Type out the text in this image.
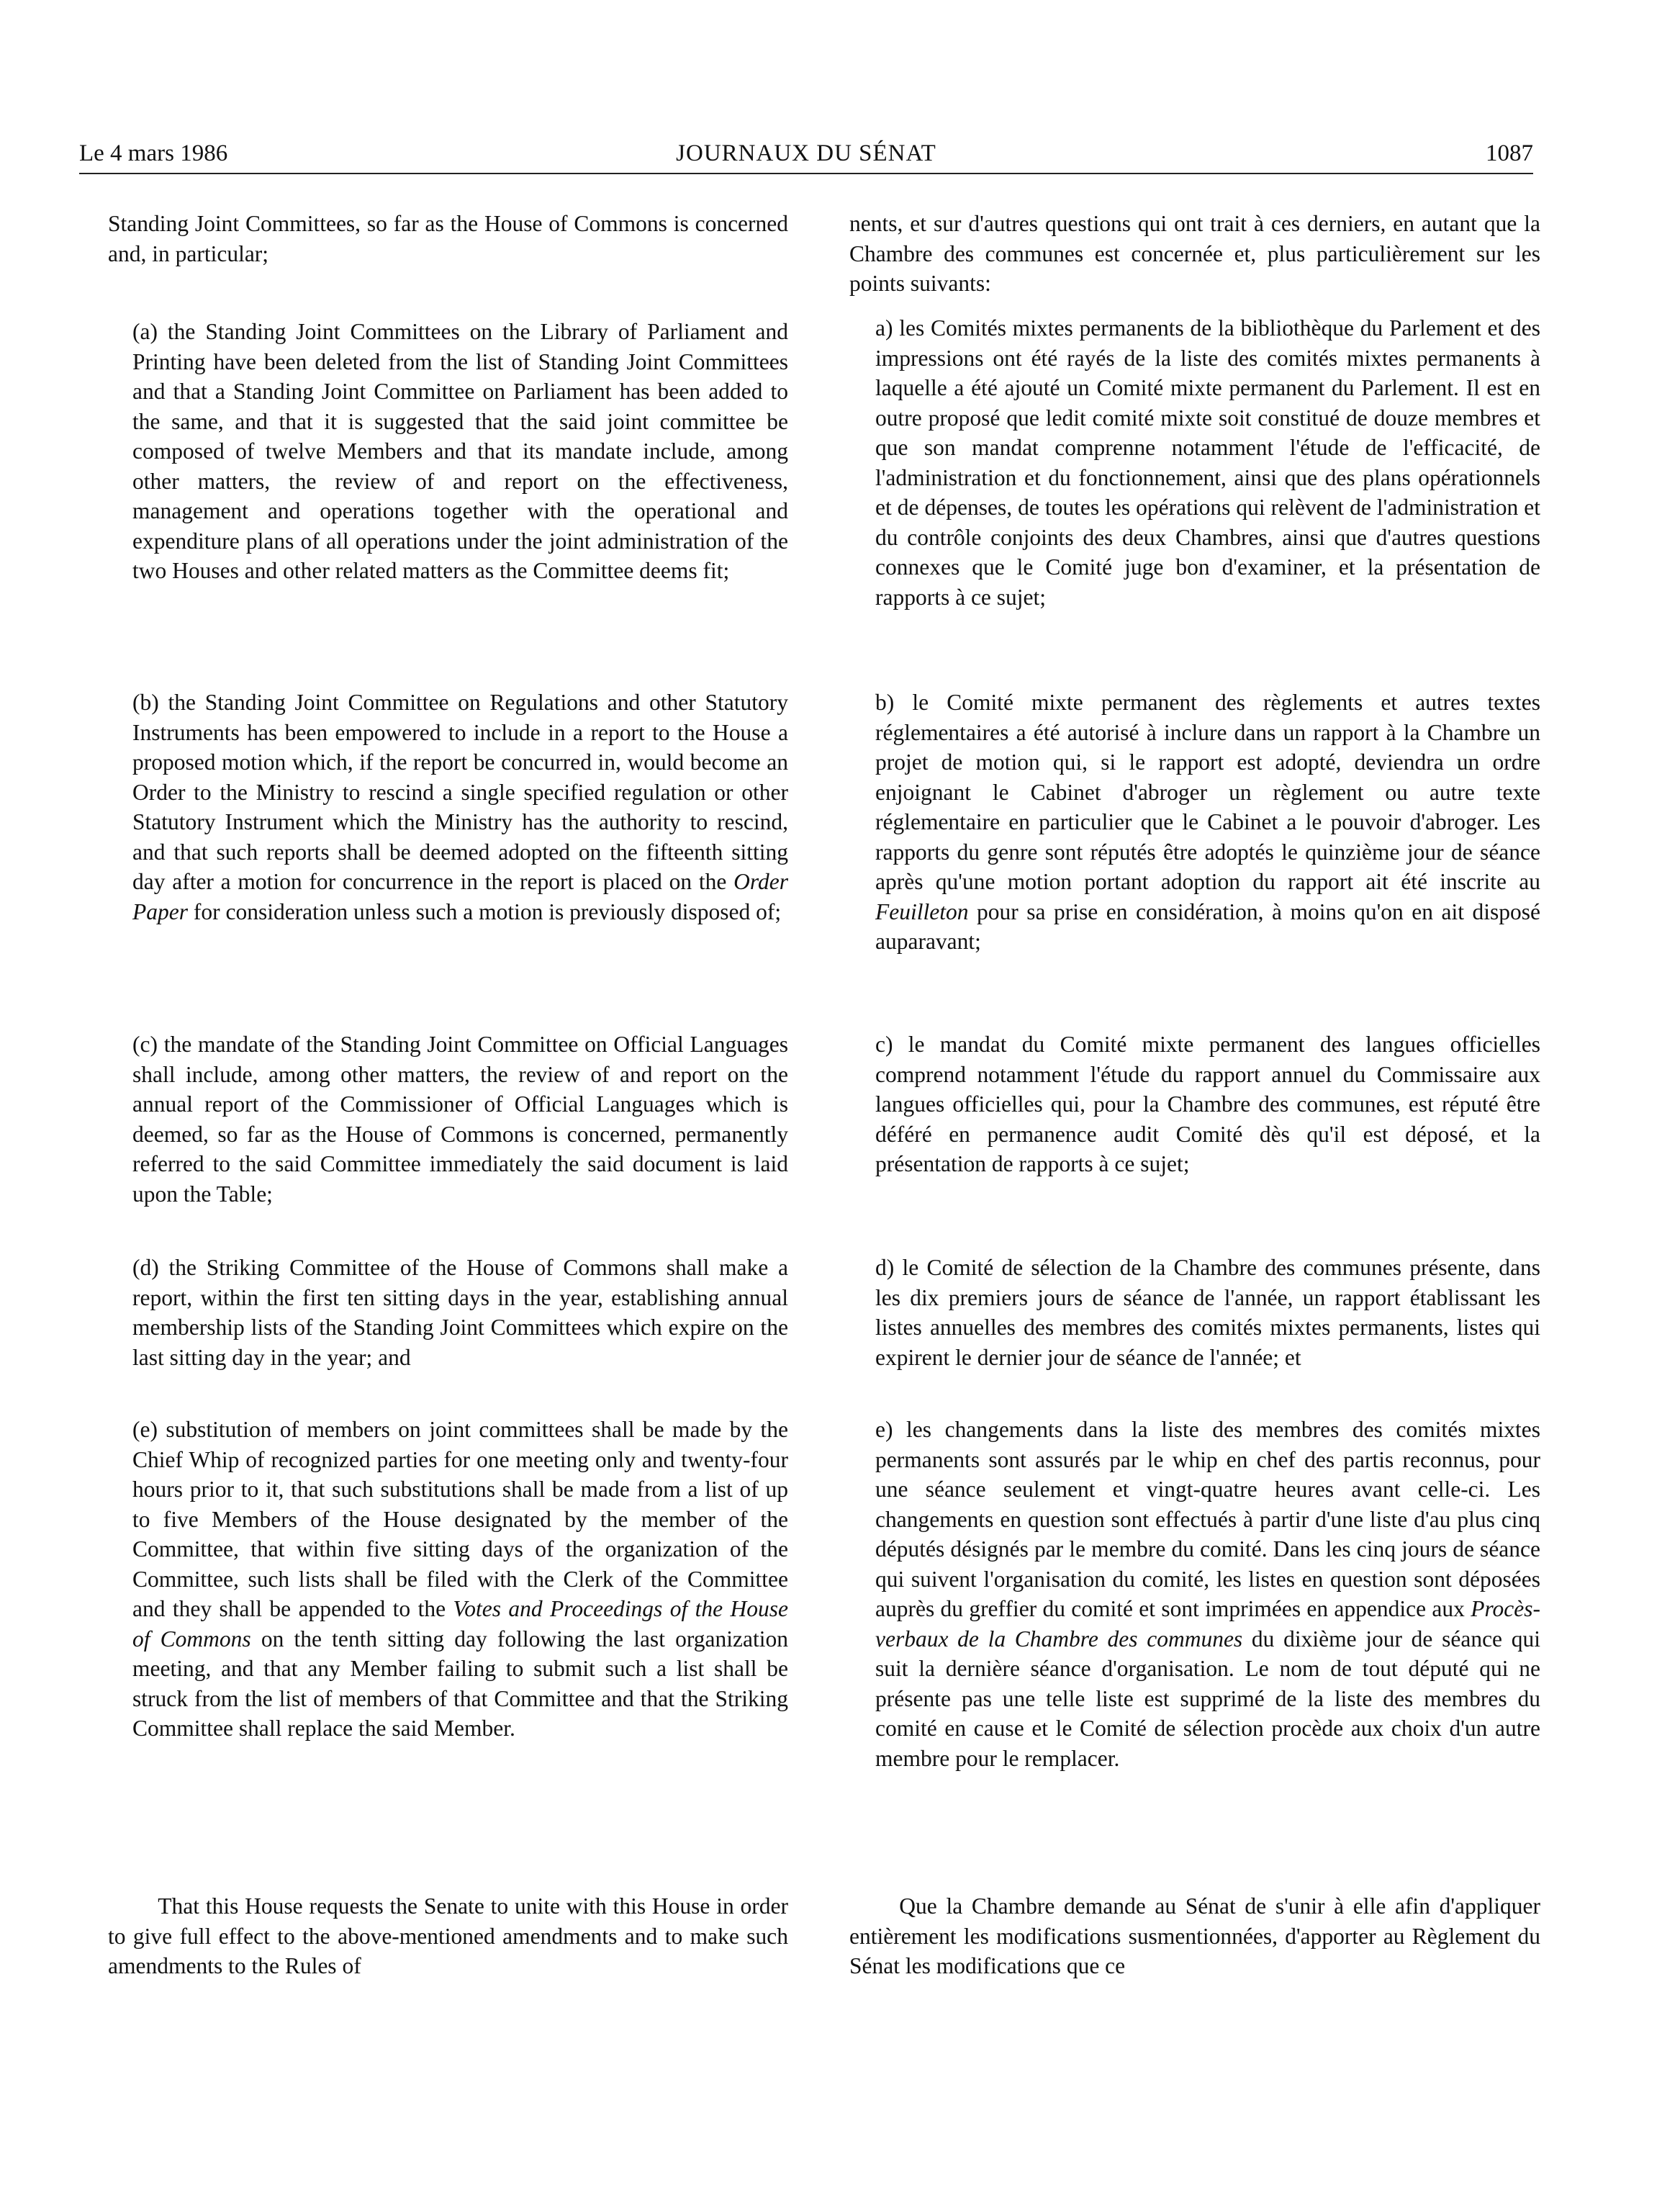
Le 4 mars 1986	JOURNAUX DU SÉNAT	1087

Standing Joint Committees, so far as the House of Commons is concerned and, in particular;

(a) the Standing Joint Committees on the Library of Parliament and Printing have been deleted from the list of Standing Joint Committees and that a Standing Joint Committee on Parliament has been added to the same, and that it is suggested that the said joint committee be composed of twelve Members and that its mandate include, among other matters, the review of and report on the effectiveness, management and operations together with the operational and expenditure plans of all operations under the joint administration of the two Houses and other related matters as the Committee deems fit;

(b) the Standing Joint Committee on Regulations and other Statutory Instruments has been empowered to include in a report to the House a proposed motion which, if the report be concurred in, would become an Order to the Ministry to rescind a single specified regulation or other Statutory Instrument which the Ministry has the authority to rescind, and that such reports shall be deemed adopted on the fifteenth sitting day after a motion for concurrence in the report is placed on the Order Paper for consideration unless such a motion is previously disposed of;

(c) the mandate of the Standing Joint Committee on Official Languages shall include, among other matters, the review of and report on the annual report of the Commissioner of Official Languages which is deemed, so far as the House of Commons is concerned, permanently referred to the said Committee immediately the said document is laid upon the Table;

(d) the Striking Committee of the House of Commons shall make a report, within the first ten sitting days in the year, establishing annual membership lists of the Standing Joint Committees which expire on the last sitting day in the year; and

(e) substitution of members on joint committees shall be made by the Chief Whip of recognized parties for one meeting only and twenty-four hours prior to it, that such substitutions shall be made from a list of up to five Members of the House designated by the member of the Committee, that within five sitting days of the organization of the Committee, such lists shall be filed with the Clerk of the Committee and they shall be appended to the Votes and Proceedings of the House of Commons on the tenth sitting day following the last organization meeting, and that any Member failing to submit such a list shall be struck from the list of members of that Committee and that the Striking Committee shall replace the said Member.

That this House requests the Senate to unite with this House in order to give full effect to the above-mentioned amendments and to make such amendments to the Rules of

nents, et sur d'autres questions qui ont trait à ces derniers, en autant que la Chambre des communes est concernée et, plus particulièrement sur les points suivants:

a) les Comités mixtes permanents de la bibliothèque du Parlement et des impressions ont été rayés de la liste des comités mixtes permanents à laquelle a été ajouté un Comité mixte permanent du Parlement. Il est en outre proposé que ledit comité mixte soit constitué de douze membres et que son mandat comprenne notamment l'étude de l'efficacité, de l'administration et du fonctionnement, ainsi que des plans opérationnels et de dépenses, de toutes les opérations qui relèvent de l'administration et du contrôle conjoints des deux Chambres, ainsi que d'autres questions connexes que le Comité juge bon d'examiner, et la présentation de rapports à ce sujet;

b) le Comité mixte permanent des règlements et autres textes réglementaires a été autorisé à inclure dans un rapport à la Chambre un projet de motion qui, si le rapport est adopté, deviendra un ordre enjoignant le Cabinet d'abroger un règlement ou autre texte réglementaire en particulier que le Cabinet a le pouvoir d'abroger. Les rapports du genre sont réputés être adoptés le quinzième jour de séance après qu'une motion portant adoption du rapport ait été inscrite au Feuilleton pour sa prise en considération, à moins qu'on en ait disposé auparavant;

c) le mandat du Comité mixte permanent des langues officielles comprend notamment l'étude du rapport annuel du Commissaire aux langues officielles qui, pour la Chambre des communes, est réputé être déféré en permanence audit Comité dès qu'il est déposé, et la présentation de rapports à ce sujet;

d) le Comité de sélection de la Chambre des communes présente, dans les dix premiers jours de séance de l'année, un rapport établissant les listes annuelles des membres des comités mixtes permanents, listes qui expirent le dernier jour de séance de l'année; et

e) les changements dans la liste des membres des comités mixtes permanents sont assurés par le whip en chef des partis reconnus, pour une séance seulement et vingt-quatre heures avant celle-ci. Les changements en question sont effectués à partir d'une liste d'au plus cinq députés désignés par le membre du comité. Dans les cinq jours de séance qui suivent l'organisation du comité, les listes en question sont déposées auprès du greffier du comité et sont imprimées en appendice aux Procès-verbaux de la Chambre des communes du dixième jour de séance qui suit la dernière séance d'organisation. Le nom de tout député qui ne présente pas une telle liste est supprimé de la liste des membres du comité en cause et le Comité de sélection procède aux choix d'un autre membre pour le remplacer.

Que la Chambre demande au Sénat de s'unir à elle afin d'appliquer entièrement les modifications susmentionnées, d'apporter au Règlement du Sénat les modifications que ce
